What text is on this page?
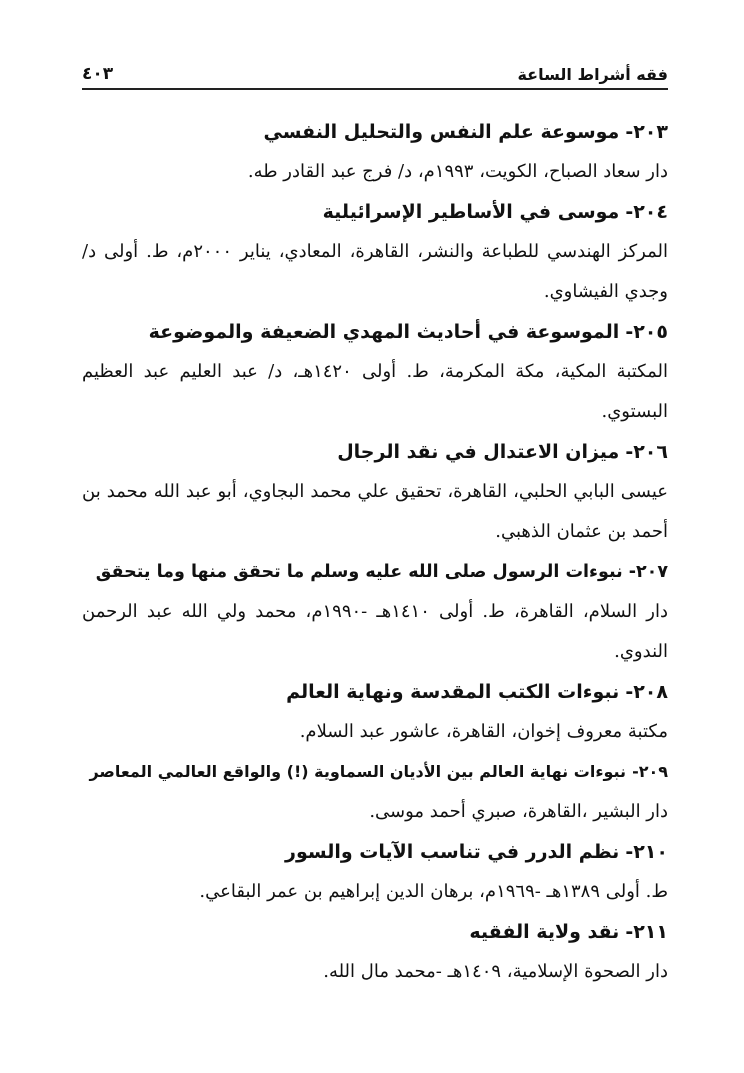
فقه أشراط الساعة
٤٠٣
٢٠٣-موسوعة علم النفس والتحليل النفسي
دار سعاد الصباح، الكويت، ١٩٩٣م، د/ فرج عبد القادر طه.
٢٠٤-موسى في الأساطير الإسرائيلية
المركز الهندسي للطباعة والنشر، القاهرة، المعادي، يناير ٢٠٠٠م، ط. أولى د/ وجدي الفيشاوي.
٢٠٥-الموسوعة في أحاديث المهدي الضعيفة والموضوعة
المكتبة المكية، مكة المكرمة، ط. أولى ١٤٢٠هـ، د/ عبد العليم عبد العظيم البستوي.
٢٠٦-ميزان الاعتدال في نقد الرجال
عيسى البابي الحلبي، القاهرة، تحقيق علي محمد البجاوي، أبو عبد الله محمد بن أحمد بن عثمان الذهبي.
٢٠٧-نبوءات الرسول صلى الله عليه وسلم ما تحقق منها وما يتحقق
دار السلام، القاهرة، ط. أولى ١٤١٠هـ -١٩٩٠م، محمد ولي الله عبد الرحمن الندوي.
٢٠٨-نبوءات الكتب المقدسة ونهاية العالم
مكتبة معروف إخوان، القاهرة، عاشور عبد السلام.
٢٠٩-نبوءات نهاية العالم بين الأديان السماوية (!) والواقع العالمي المعاصر
دار البشير ،القاهرة، صبري أحمد موسى.
٢١٠-نظم الدرر في تناسب الآيات والسور
ط. أولى ١٣٨٩هـ -١٩٦٩م، برهان الدين إبراهيم بن عمر البقاعي.
٢١١-نقد ولاية الفقيه
دار الصحوة الإسلامية، ١٤٠٩هـ -محمد مال الله.
